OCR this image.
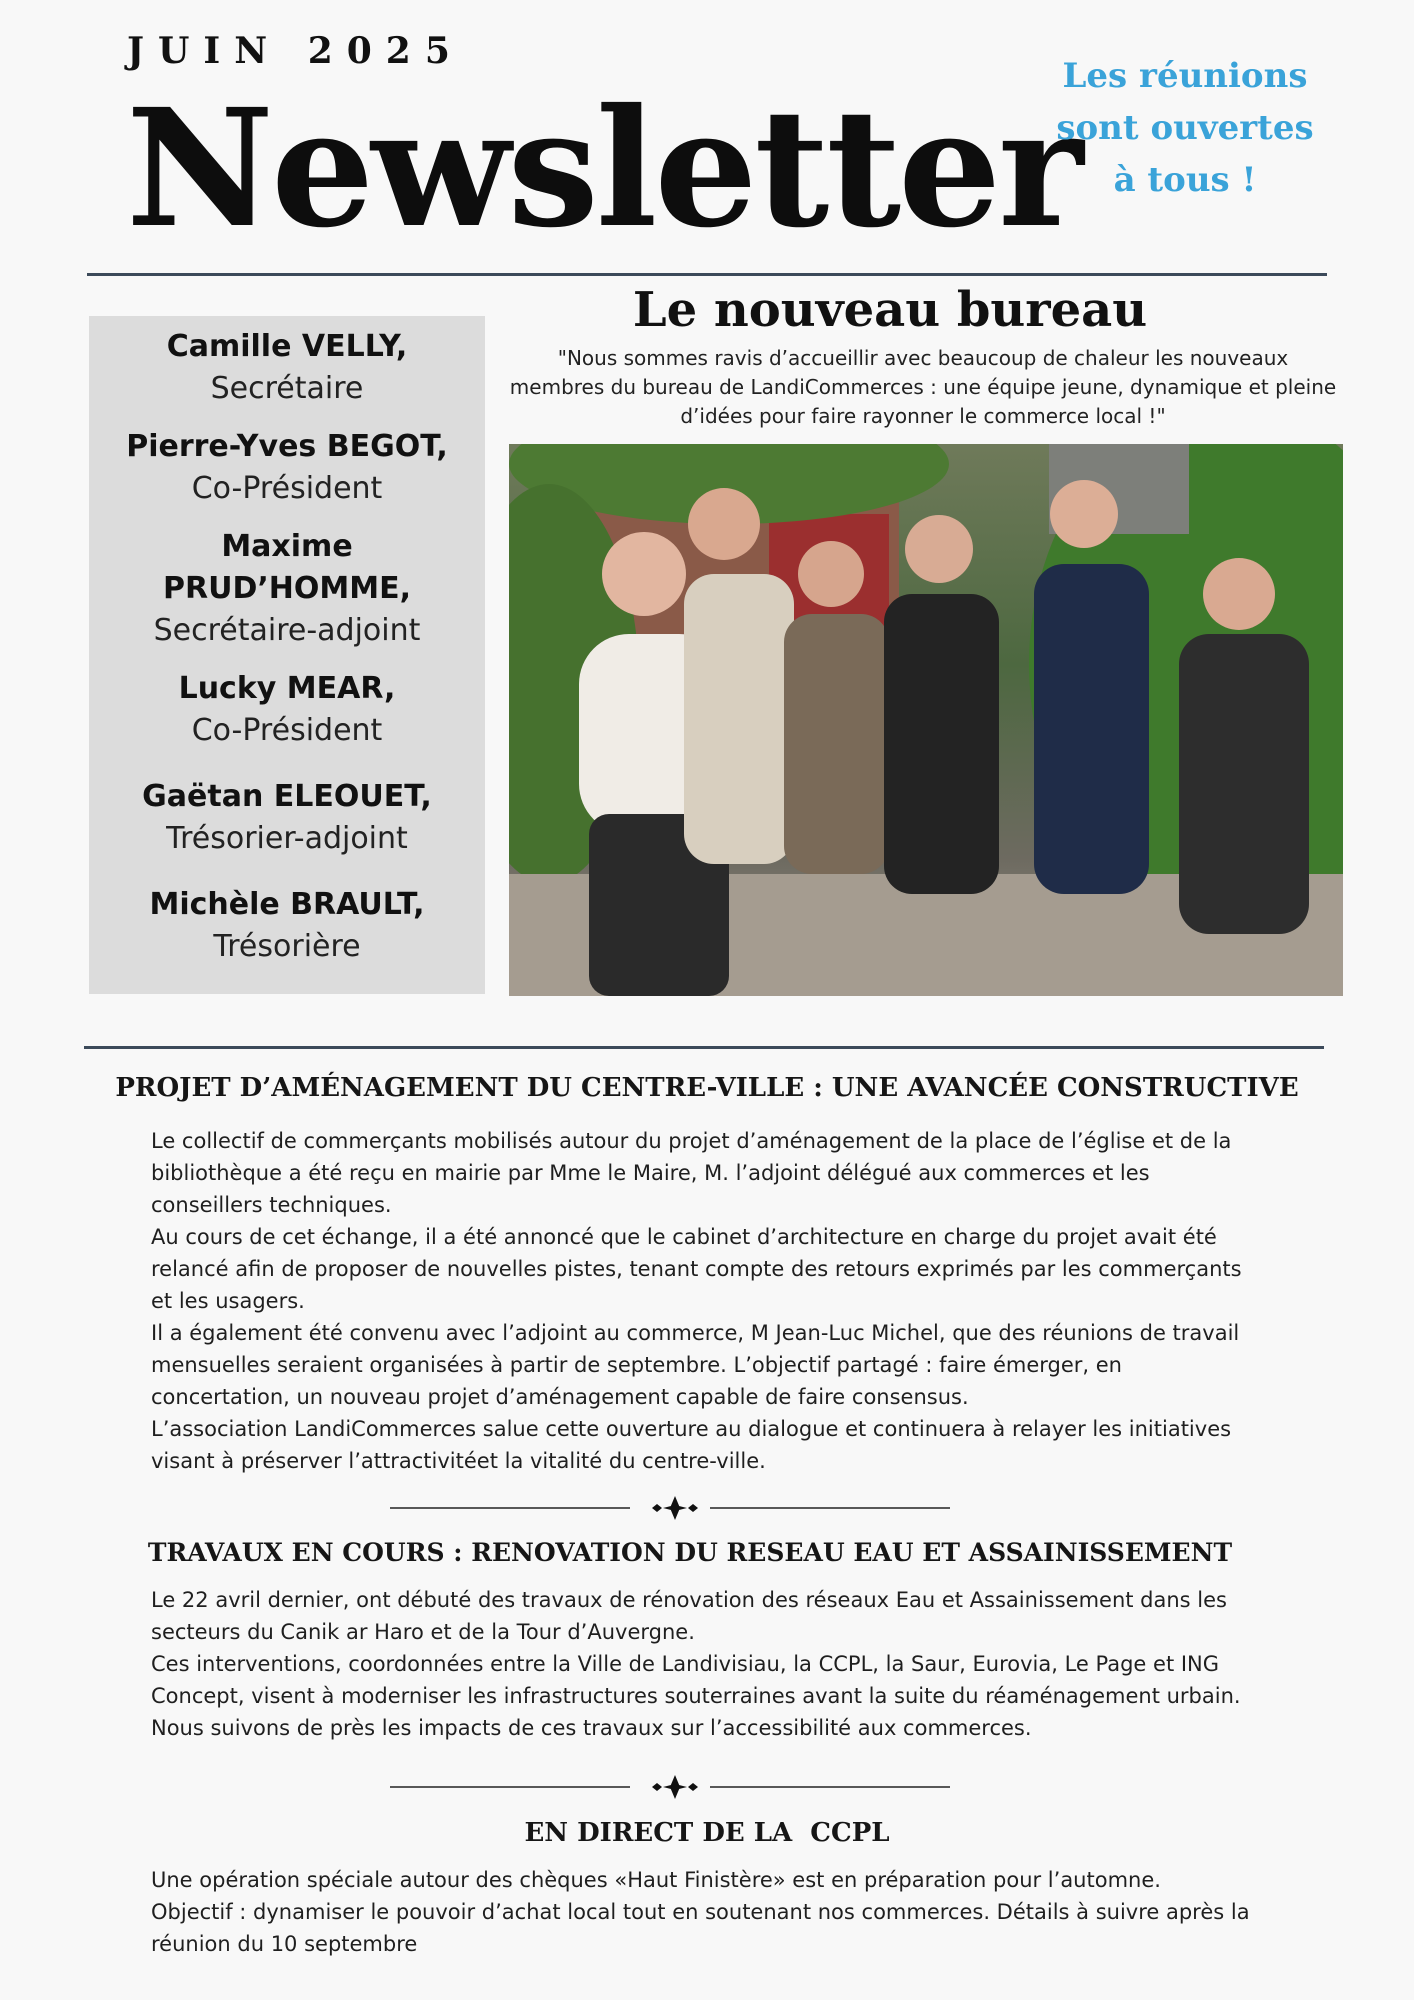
JUIN 2025
Newsletter
Les réunions sont ouvertes à tous !
Camille VELLY,
Secrétaire
Pierre-Yves BEGOT,
Co-Président
Maxime PRUD’HOMME,
Secrétaire-adjoint
Lucky MEAR,
Co-Président
Gaëtan ELEOUET,
Trésorier-adjoint
Michèle BRAULT,
Trésorière
Le nouveau bureau
"Nous sommes ravis d’accueillir avec beaucoup de chaleur les nouveaux membres du bureau de LandiCommerces : une équipe jeune, dynamique et pleine d’idées pour faire rayonner le commerce local !"
PROJET D’AMÉNAGEMENT DU CENTRE-VILLE : UNE AVANCÉE CONSTRUCTIVE

Le collectif de commerçants mobilisés autour du projet d’aménagement de la place de l’église et de la bibliothèque a été reçu en mairie par Mme le Maire, M. l’adjoint délégué aux commerces et les conseillers techniques.

Au cours de cet échange, il a été annoncé que le cabinet d’architecture en charge du projet avait été relancé afin de proposer de nouvelles pistes, tenant compte des retours exprimés par les commerçants et les usagers.

Il a également été convenu avec l’adjoint au commerce, M Jean-Luc Michel, que des réunions de travail mensuelles seraient organisées à partir de septembre. L’objectif partagé : faire émerger, en concertation, un nouveau projet d’aménagement capable de faire consensus.

L’association LandiCommerces salue cette ouverture au dialogue et continuera à relayer les initiatives visant à préserver l’attractivitéet la vitalité du centre-ville.

TRAVAUX EN COURS : RENOVATION DU RESEAU EAU ET ASSAINISSEMENT

Le 22 avril dernier, ont débuté des travaux de rénovation des réseaux Eau et Assainissement dans les secteurs du Canik ar Haro et de la Tour d’Auvergne.

Ces interventions, coordonnées entre la Ville de Landivisiau, la CCPL, la Saur, Eurovia, Le Page et ING Concept, visent à moderniser les infrastructures souterraines avant la suite du réaménagement urbain.

Nous suivons de près les impacts de ces travaux sur l’accessibilité aux commerces.

EN DIRECT DE LA  CCPL

Une opération spéciale autour des chèques «Haut Finistère» est en préparation pour l’automne.

Objectif : dynamiser le pouvoir d’achat local tout en soutenant nos commerces. Détails à suivre après la réunion du 10 septembre
